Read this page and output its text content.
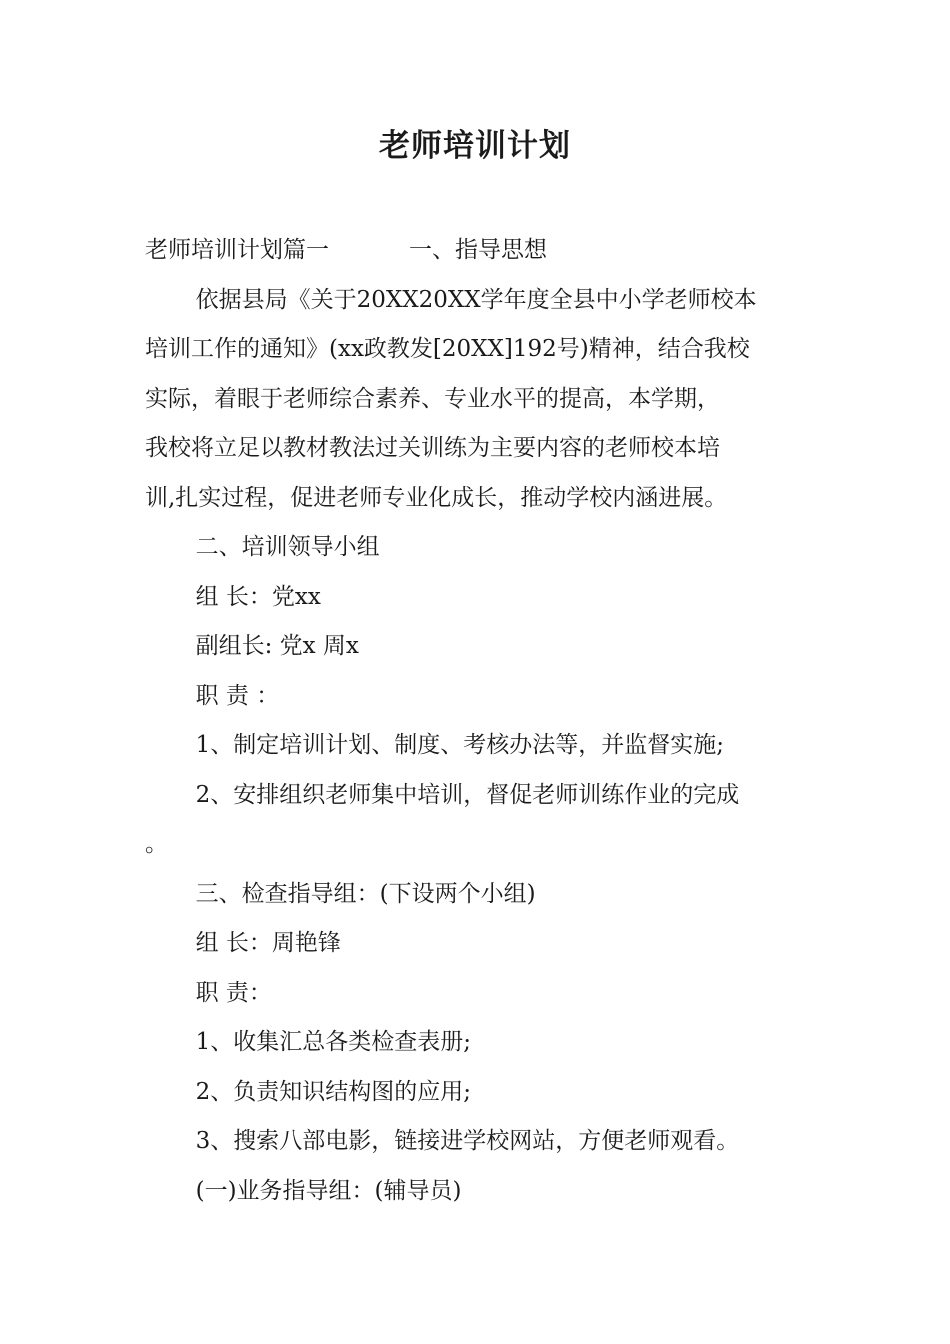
老师培训计划
老师培训计划篇一	一、指导思想
依据县局《关于20XX20XX学年度全县中小学老师校本
培训工作的通知》(xx政教发[20XX]192号)精神，结合我校
实际，着眼于老师综合素养、专业水平的提高，本学期，
我校将立足以教材教法过关训练为主要内容的老师校本培
训,扎实过程，促进老师专业化成长，推动学校内涵进展。
二、培训领导小组
组 长：党xx
副组长: 党x 周x
职 责 ：
1、制定培训计划、制度、考核办法等，并监督实施;
2、安排组织老师集中培训，督促老师训练作业的完成
。
三、检查指导组：(下设两个小组)
组 长：周艳锋
职 责：
1、收集汇总各类检查表册;
2、负责知识结构图的应用;
3、搜索八部电影，链接进学校网站，方便老师观看。
(一)业务指导组：(辅导员)
